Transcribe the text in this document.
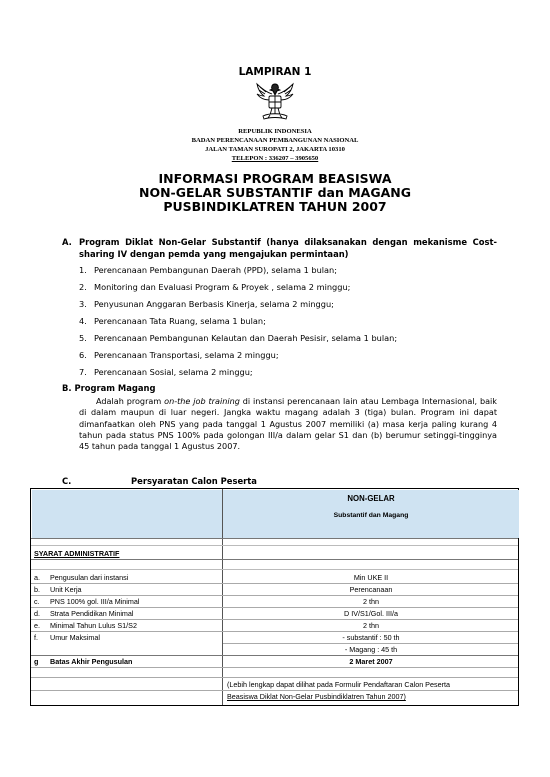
LAMPIRAN 1
REPUBLIK INDONESIA
BADAN PERENCANAAN PEMBANGUNAN NASIONAL
JALAN TAMAN SUROPATI 2, JAKARTA 10310
TELEPON : 336207 – 3905650
INFORMASI PROGRAM BEASISWA
NON-GELAR SUBSTANTIF dan MAGANG
PUSBINDIKLATREN TAHUN 2007
A. Program Diklat Non-Gelar Substantif (hanya dilaksanakan dengan mekanisme Cost-sharing IV dengan pemda yang mengajukan permintaan)
1. Perencanaan Pembangunan Daerah (PPD), selama 1 bulan;
2. Monitoring dan Evaluasi Program & Proyek , selama 2 minggu;
3. Penyusunan Anggaran Berbasis Kinerja, selama 2 minggu;
4. Perencanaan Tata Ruang, selama 1 bulan;
5. Perencanaan Pembangunan Kelautan dan Daerah Pesisir, selama 1 bulan;
6. Perencanaan Transportasi, selama 2 minggu;
7. Perencanaan Sosial, selama 2 minggu;
B. Program Magang
Adalah program on-the job training di instansi perencanaan lain atau Lembaga Internasional, baik di dalam maupun di luar negeri. Jangka waktu magang adalah 3 (tiga) bulan. Program ini dapat dimanfaatkan oleh PNS yang pada tanggal 1 Agustus 2007 memiliki (a) masa kerja paling kurang 4 tahun pada status PNS 100% pada golongan III/a dalam gelar S1 dan (b) berumur setinggi-tingginya 45 tahun pada tanggal 1 Agustus 2007.
C.	Persyaratan Calon Peserta
NON-GELAR
Substantif dan Magang
SYARAT ADMINISTRATIF
a. Pengusulan dari instansi	Min UKE II
b. Unit Kerja	Perencanaan
c. PNS 100% gol. III/a Minimal	2 thn
d. Strata Pendidikan Minimal	D IV/S1/Gol. III/a
e. Minimal Tahun Lulus S1/S2	2 thn
f. Umur Maksimal	- substantif : 50 th
- Magang : 45 th
g Batas Akhir Pengusulan	2 Maret 2007
(Lebih lengkap dapat dilihat pada Formulir Pendaftaran Calon Peserta
Beasiswa Diklat Non-Gelar Pusbindiklatren Tahun 2007)
